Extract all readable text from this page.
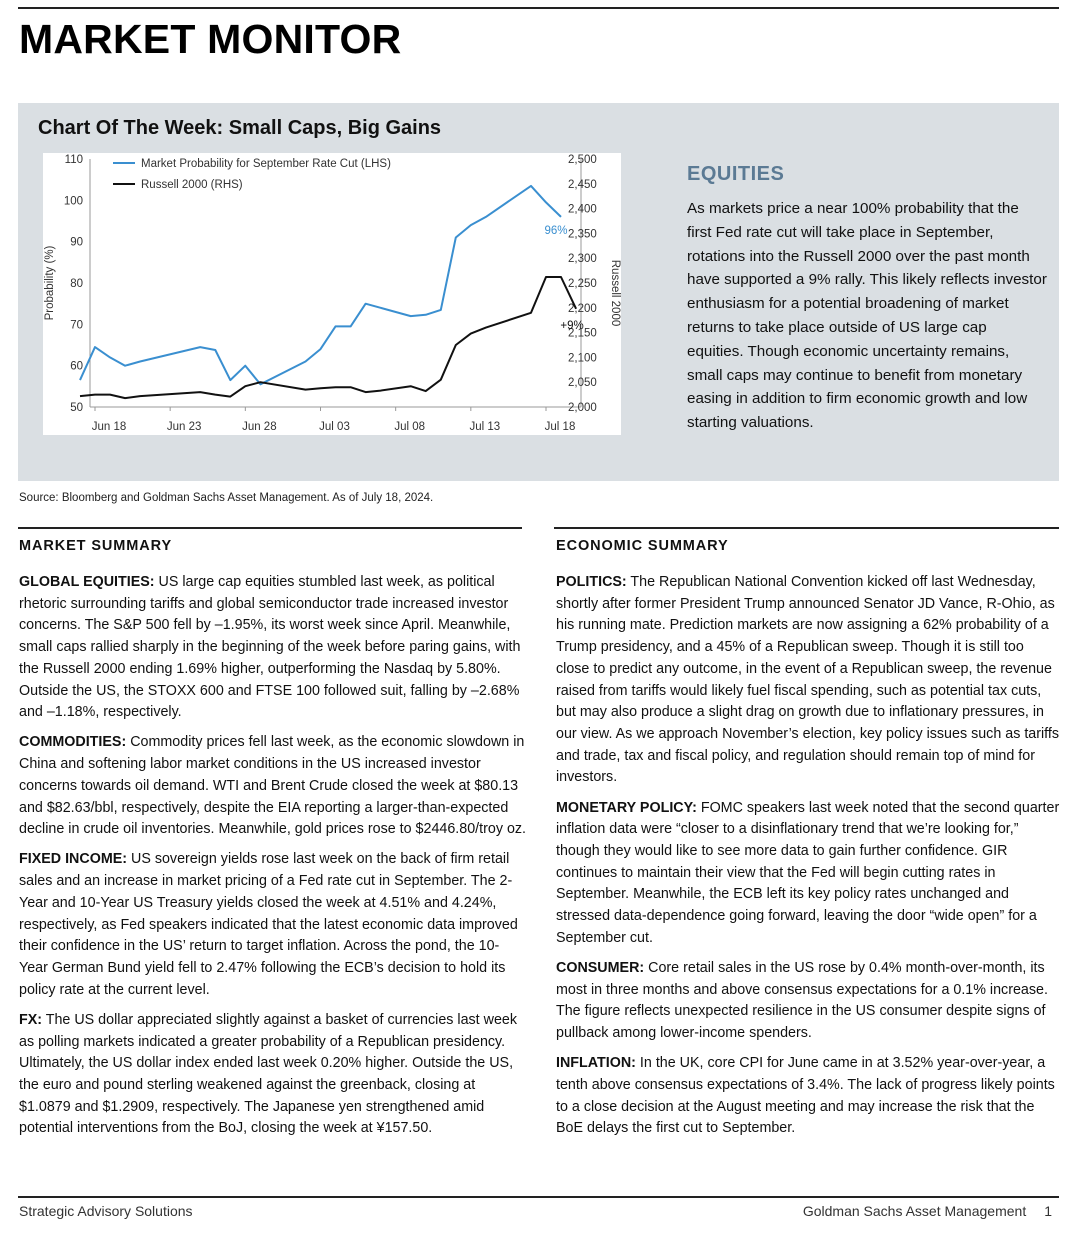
MARKET MONITOR
Chart Of The Week: Small Caps, Big Gains
110
100
90
80
70
60
50
2,500
2,450
2,400
2,350
2,300
2,250
2,200
2,150
2,100
2,050
2,000
Jun 18	Jun 23	Jun 28	Jul 03	Jul 08	Jul 13	Jul 18
Probability (%)	Russell 2000
96%
+9%
Market Probability for September Rate Cut (LHS)
Russell 2000 (RHS)	EQUITIES
As markets price a near 100% probability that the first Fed rate cut will take place in September, rotations into the Russell 2000 over the past month have supported a 9% rally. This likely reflects investor enthusiasm for a potential broadening of market returns to take place outside of US large cap equities. Though economic uncertainty remains, small caps may continue to benefit from monetary easing in addition to firm economic growth and low starting valuations.
Source: Bloomberg and Goldman Sachs Asset Management. As of July 18, 2024.
MARKET SUMMARY

GLOBAL EQUITIES: US large cap equities stumbled last week, as political rhetoric surrounding tariffs and global semiconductor trade increased investor concerns. The S&P 500 fell by –1.95%, its worst week since April. Meanwhile, small caps rallied sharply in the beginning of the week before paring gains, with the Russell 2000 ending 1.69% higher, outperforming the Nasdaq by 5.80%. Outside the US, the STOXX 600 and FTSE 100 followed suit, falling by –2.68% and –1.18%, respectively.

COMMODITIES: Commodity prices fell last week, as the economic slowdown in China and softening labor market conditions in the US increased investor concerns towards oil demand. WTI and Brent Crude closed the week at $80.13 and $82.63/bbl, respectively, despite the EIA reporting a larger-than-expected decline in crude oil inventories. Meanwhile, gold prices rose to $2446.80/troy oz.

FIXED INCOME: US sovereign yields rose last week on the back of firm retail sales and an increase in market pricing of a Fed rate cut in September. The 2-Year and 10-Year US Treasury yields closed the week at 4.51% and 4.24%, respectively, as Fed speakers indicated that the latest economic data improved their confidence in the US’ return to target inflation. Across the pond, the 10-Year German Bund yield fell to 2.47% following the ECB’s decision to hold its policy rate at the current level.

FX: The US dollar appreciated slightly against a basket of currencies last week as polling markets indicated a greater probability of a Republican presidency. Ultimately, the US dollar index ended last week 0.20% higher. Outside the US, the euro and pound sterling weakened against the greenback, closing at $1.0879 and $1.2909, respectively. The Japanese yen strengthened amid potential interventions from the BoJ, closing the week at ¥157.50.

ECONOMIC SUMMARY

POLITICS: The Republican National Convention kicked off last Wednesday, shortly after former President Trump announced Senator JD Vance, R-Ohio, as his running mate. Prediction markets are now assigning a 62% probability of a Trump presidency, and a 45% of a Republican sweep. Though it is still too close to predict any outcome, in the event of a Republican sweep, the revenue raised from tariffs would likely fuel fiscal spending, such as potential tax cuts, but may also produce a slight drag on growth due to inflationary pressures, in our view. As we approach November’s election, key policy issues such as tariffs and trade, tax and fiscal policy, and regulation should remain top of mind for investors.

MONETARY POLICY: FOMC speakers last week noted that the second quarter inflation data were “closer to a disinflationary trend that we’re looking for,” though they would like to see more data to gain further confidence. GIR continues to maintain their view that the Fed will begin cutting rates in September. Meanwhile, the ECB left its key policy rates unchanged and stressed data-dependence going forward, leaving the door “wide open” for a September cut.

CONSUMER: Core retail sales in the US rose by 0.4% month-over-month, its most in three months and above consensus expectations for a 0.1% increase. The figure reflects unexpected resilience in the US consumer despite signs of pullback among lower-income spenders.

INFLATION: In the UK, core CPI for June came in at 3.52% year-over-year, a tenth above consensus expectations of 3.4%. The lack of progress likely points to a close decision at the August meeting and may increase the risk that the BoE delays the first cut to September.

Strategic Advisory Solutions	Goldman Sachs Asset Management 1
